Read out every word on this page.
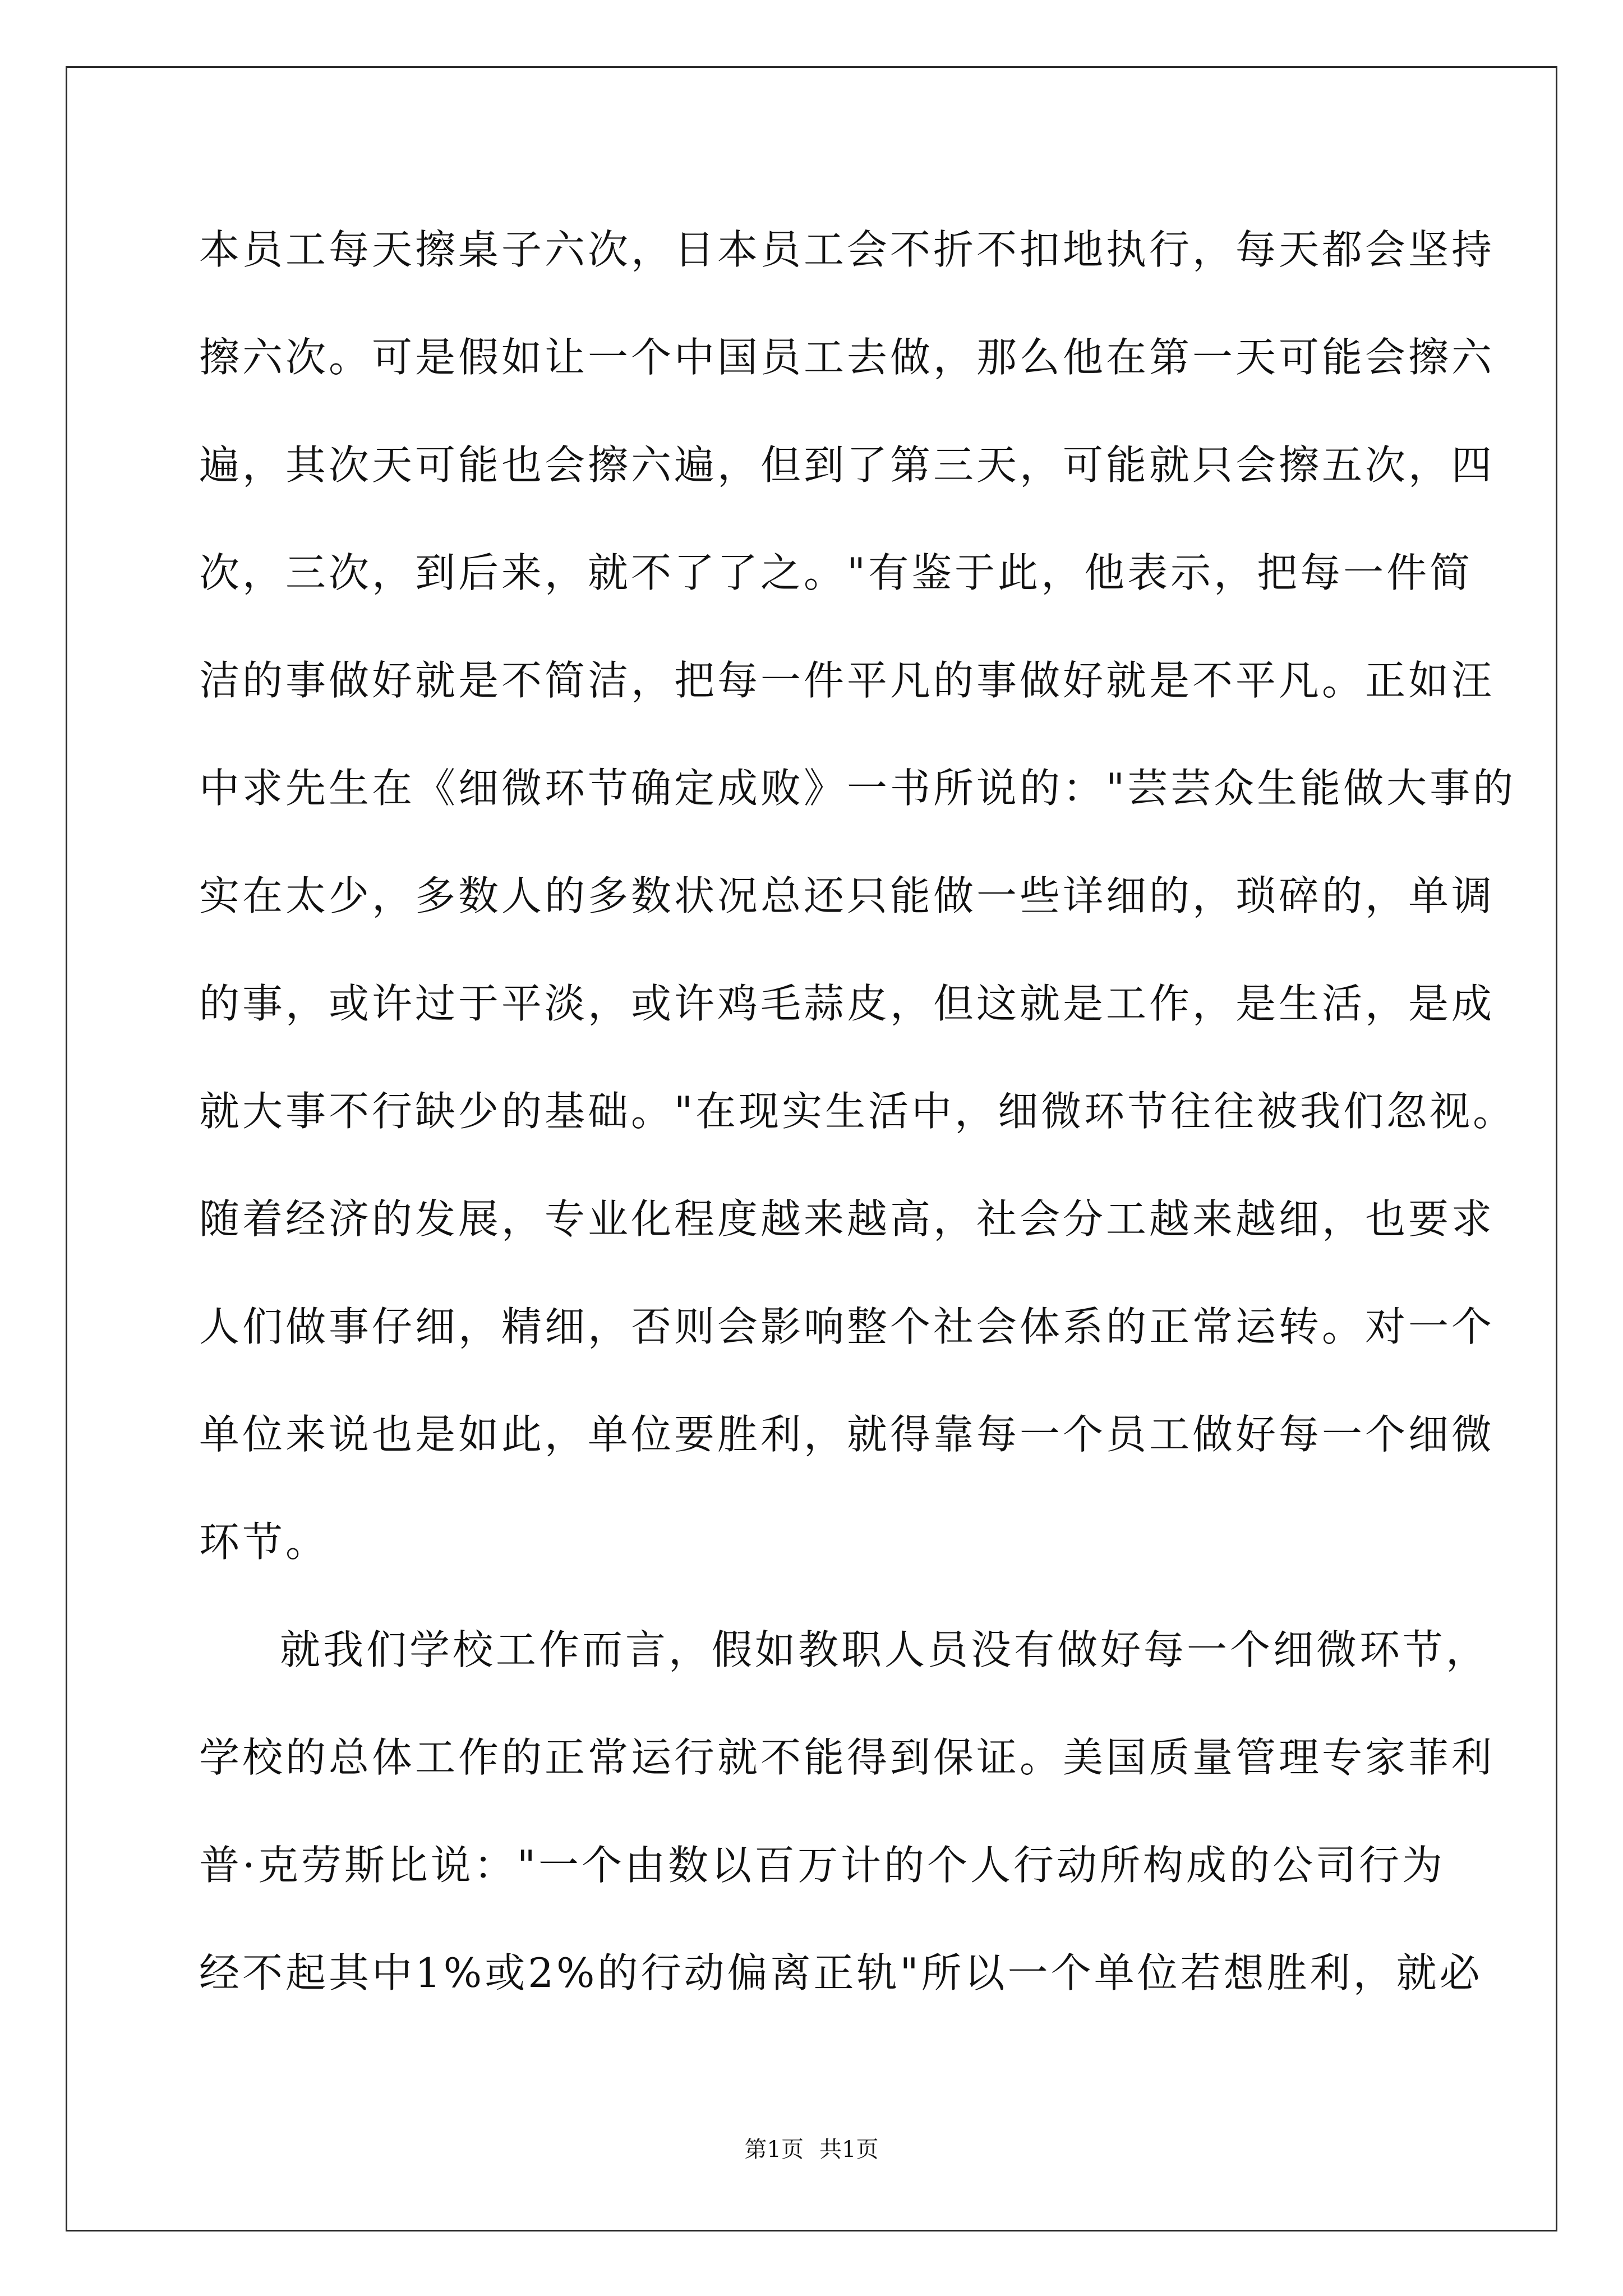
本员工每天擦桌子六次，日本员工会不折不扣地执行，每天都会坚持
擦六次。可是假如让一个中国员工去做，那么他在第一天可能会擦六
遍，其次天可能也会擦六遍，但到了第三天，可能就只会擦五次，四
次，三次，到后来，就不了了之。"有鉴于此，他表示，把每一件简
洁的事做好就是不简洁，把每一件平凡的事做好就是不平凡。正如汪
中求先生在《细微环节确定成败》一书所说的："芸芸众生能做大事的
实在太少，多数人的多数状况总还只能做一些详细的，琐碎的，单调
的事，或许过于平淡，或许鸡毛蒜皮，但这就是工作，是生活，是成
就大事不行缺少的基础。"在现实生活中，细微环节往往被我们忽视。
随着经济的发展，专业化程度越来越高，社会分工越来越细，也要求
人们做事仔细，精细，否则会影响整个社会体系的正常运转。对一个
单位来说也是如此，单位要胜利，就得靠每一个员工做好每一个细微
环节。
就我们学校工作而言，假如教职人员没有做好每一个细微环节，
学校的总体工作的正常运行就不能得到保证。美国质量管理专家菲利
普·克劳斯比说："一个由数以百万计的个人行动所构成的公司行为
经不起其中1%或2%的行动偏离正轨"所以一个单位若想胜利，就必
第1页 共1页
